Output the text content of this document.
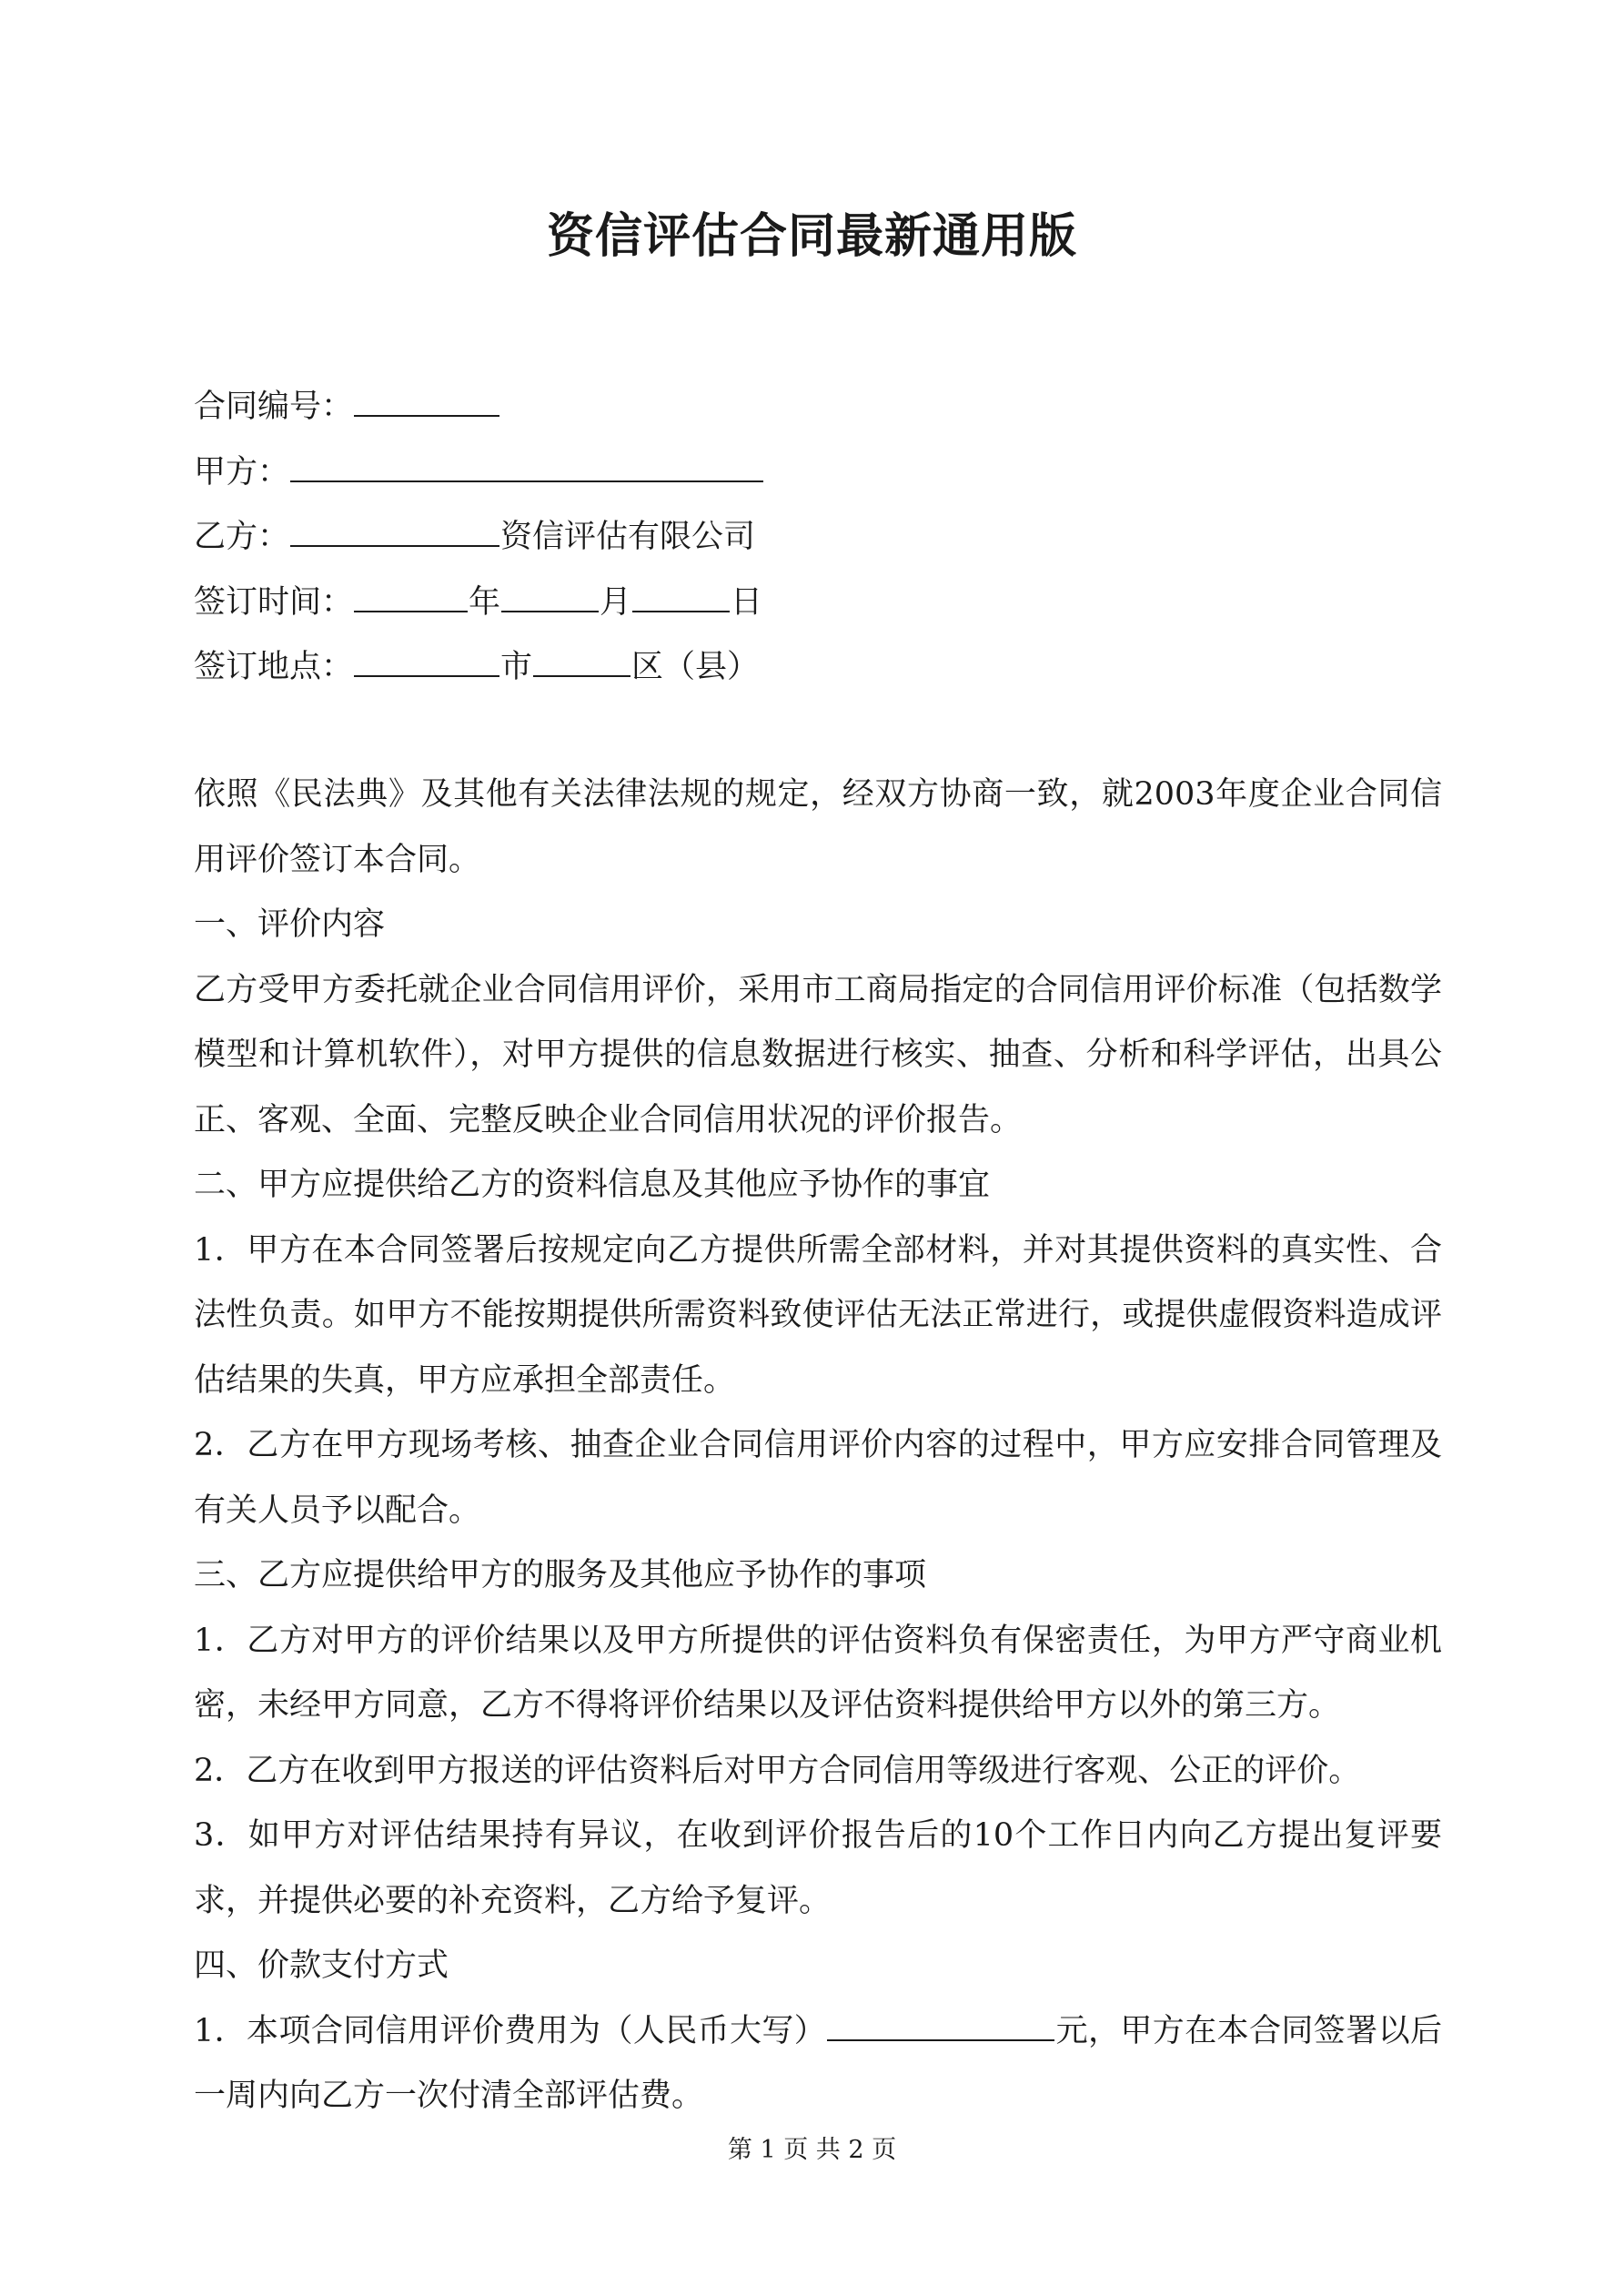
资信评估合同最新通用版
合同编号：
甲方：
乙方：	资信评估有限公司
签订时间：	年	月	日
签订地点：	市	区（县）

依照《民法典》及其他有关法律法规的规定，经双方协商一致，就2003年度企业合同信用评价签订本合同。

一、评价内容

乙方受甲方委托就企业合同信用评价，采用市工商局指定的合同信用评价标准（包括数学模型和计算机软件），对甲方提供的信息数据进行核实、抽查、分析和科学评估，出具公正、客观、全面、完整反映企业合同信用状况的评价报告。

二、甲方应提供给乙方的资料信息及其他应予协作的事宜

1．甲方在本合同签署后按规定向乙方提供所需全部材料，并对其提供资料的真实性、合法性负责。如甲方不能按期提供所需资料致使评估无法正常进行，或提供虚假资料造成评估结果的失真，甲方应承担全部责任。

2．乙方在甲方现场考核、抽查企业合同信用评价内容的过程中，甲方应安排合同管理及有关人员予以配合。

三、乙方应提供给甲方的服务及其他应予协作的事项

1．乙方对甲方的评价结果以及甲方所提供的评估资料负有保密责任，为甲方严守商业机密，未经甲方同意，乙方不得将评价结果以及评估资料提供给甲方以外的第三方。

2．乙方在收到甲方报送的评估资料后对甲方合同信用等级进行客观、公正的评价。

3．如甲方对评估结果持有异议，在收到评价报告后的10个工作日内向乙方提出复评要求，并提供必要的补充资料，乙方给予复评。

四、价款支付方式

1．本项合同信用评价费用为（人民币大写）	元，甲方在本合同签署以后一周内向乙方一次付清全部评估费。

第 1 页 共 2 页
